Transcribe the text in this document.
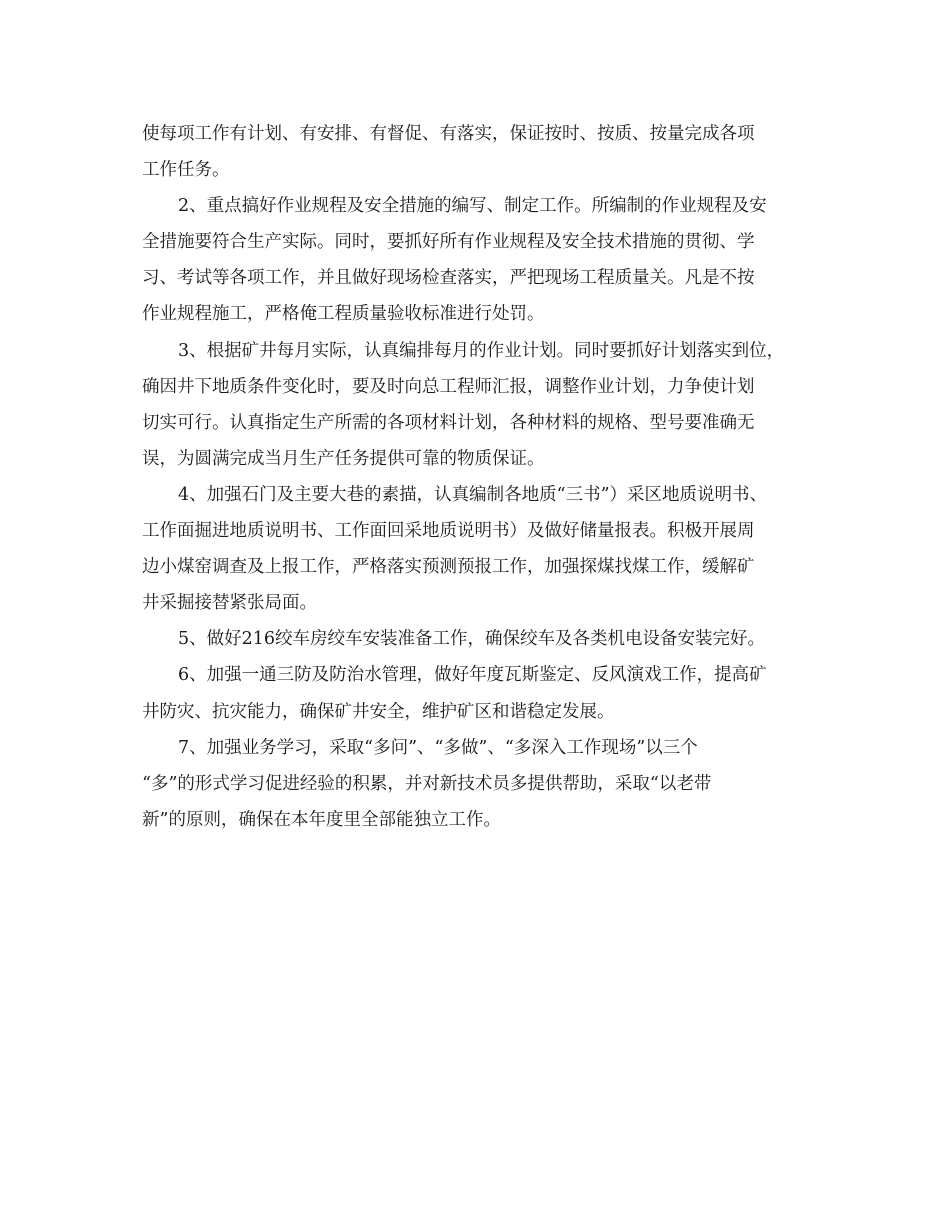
使每项工作有计划、有安排、有督促、有落实，保证按时、按质、按量完成各项
工作任务。
2、重点搞好作业规程及安全措施的编写、制定工作。所编制的作业规程及安
全措施要符合生产实际。同时，要抓好所有作业规程及安全技术措施的贯彻、学
习、考试等各项工作，并且做好现场检查落实，严把现场工程质量关。凡是不按
作业规程施工，严格俺工程质量验收标准进行处罚。
3、根据矿井每月实际，认真编排每月的作业计划。同时要抓好计划落实到位，
确因井下地质条件变化时，要及时向总工程师汇报，调整作业计划，力争使计划
切实可行。认真指定生产所需的各项材料计划，各种材料的规格、型号要准确无
误，为圆满完成当月生产任务提供可靠的物质保证。
4、加强石门及主要大巷的素描，认真编制各地质“三书”）采区地质说明书、
工作面掘进地质说明书、工作面回采地质说明书）及做好储量报表。积极开展周
边小煤窑调查及上报工作，严格落实预测预报工作，加强探煤找煤工作，缓解矿
井采掘接替紧张局面。
5、做好216绞车房绞车安装准备工作，确保绞车及各类机电设备安装完好。
6、加强一通三防及防治水管理，做好年度瓦斯鉴定、反风演戏工作，提高矿
井防灾、抗灾能力，确保矿井安全，维护矿区和谐稳定发展。
7、加强业务学习，采取“多问”、“多做”、“多深入工作现场”以三个
“多”的形式学习促进经验的积累，并对新技术员多提供帮助，采取“以老带
新”的原则，确保在本年度里全部能独立工作。
